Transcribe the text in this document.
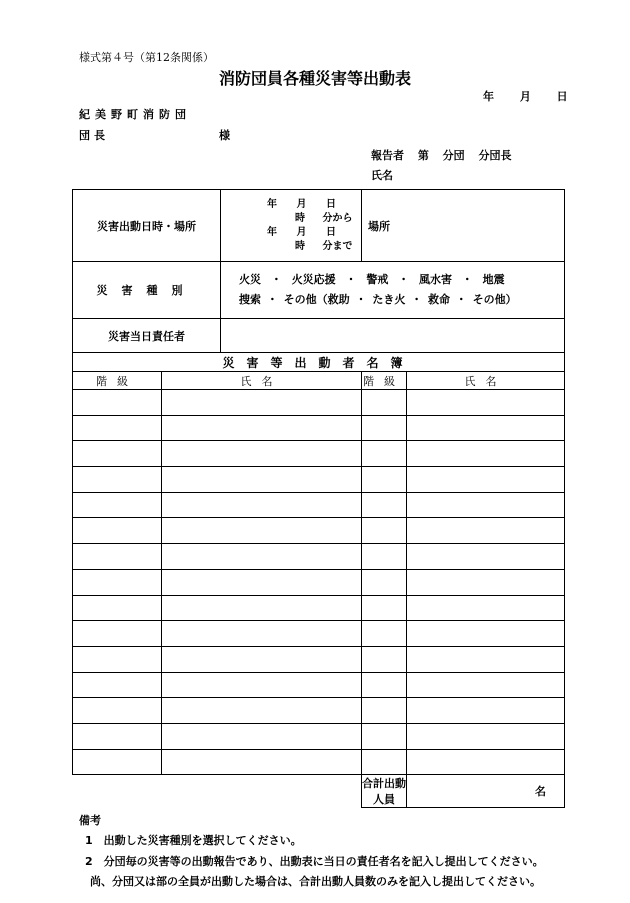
様式第４号（第12条関係）
消防団員各種災害等出動表
年 月 日
紀美野町消防団
団長	様
報告者 第 分団 分団長
氏名
災害出動日時・場所		年 月 日
時 分から
年 月 日
時 分まで	場所	
災害種別		火災 ・ 火災応援 ・ 警戒 ・ 風水害 ・ 地震
捜索 ・ その他（救助 ・ たき火 ・ 救命 ・ その他）		

災害当日責任者				
災害等出動者名簿				
階級	氏名		階級	氏名

			合計出動人員	名
備考
1　出動した災害種別を選択してください。
2　分団毎の災害等の出動報告であり、出動表に当日の責任者名を記入し提出してください。
尚、分団又は部の全員が出動した場合は、合計出動人員数のみを記入し提出してください。
